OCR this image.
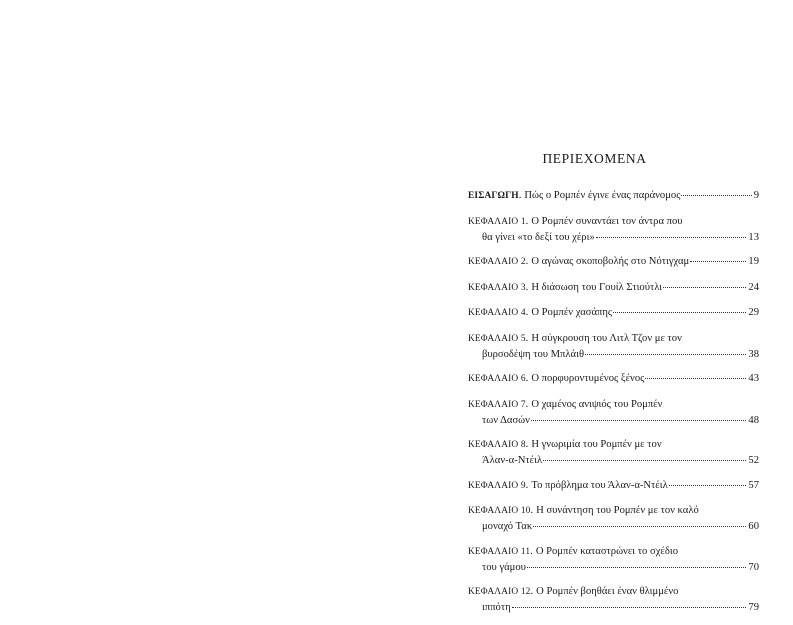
ΠΕΡΙΕΧΟΜΕΝΑ
ΕΙΣΑΓΩΓΗ . Πώς ο Ρομπέν έγινε ένας παράνομος	9
ΚΕΦΑΛΑΙΟ 1 . Ο Ρομπέν συναντάει τον άντρα που
θα γίνει «το δεξί του χέρι»	13
ΚΕΦΑΛΑΙΟ 2 . Ο αγώνας σκοποβολής στο Νότιγχαμ	19
ΚΕΦΑΛΑΙΟ 3 . Η διάσωση του Γουίλ Στιούτλι	24
ΚΕΦΑΛΑΙΟ 4 . Ο Ρομπέν χασάπης	29
ΚΕΦΑΛΑΙΟ 5 . Η σύγκρουση του Λιτλ Τζον με τον
βυρσοδέψη του Μπλάιθ	38
ΚΕΦΑΛΑΙΟ 6 . Ο πορφυροντυμένος ξένος	43
ΚΕΦΑΛΑΙΟ 7 . Ο χαμένος ανιψιός του Ρομπέν
των Δασών	48
ΚΕΦΑΛΑΙΟ 8 . Η γνωριμία του Ρομπέν με τον
Άλαν-α-Ντέιλ	52
ΚΕΦΑΛΑΙΟ 9 . Το πρόβλημα του Άλαν-α-Ντέιλ	57
ΚΕΦΑΛΑΙΟ 10 . Η συνάντηση του Ρομπέν με τον καλό
μοναχό Τακ	60
ΚΕΦΑΛΑΙΟ 11 . Ο Ρομπέν καταστρώνει το σχέδιο
του γάμου	70
ΚΕΦΑΛΑΙΟ 12 . Ο Ρομπέν βοηθάει έναν θλιμμένο
ιππότη	79
